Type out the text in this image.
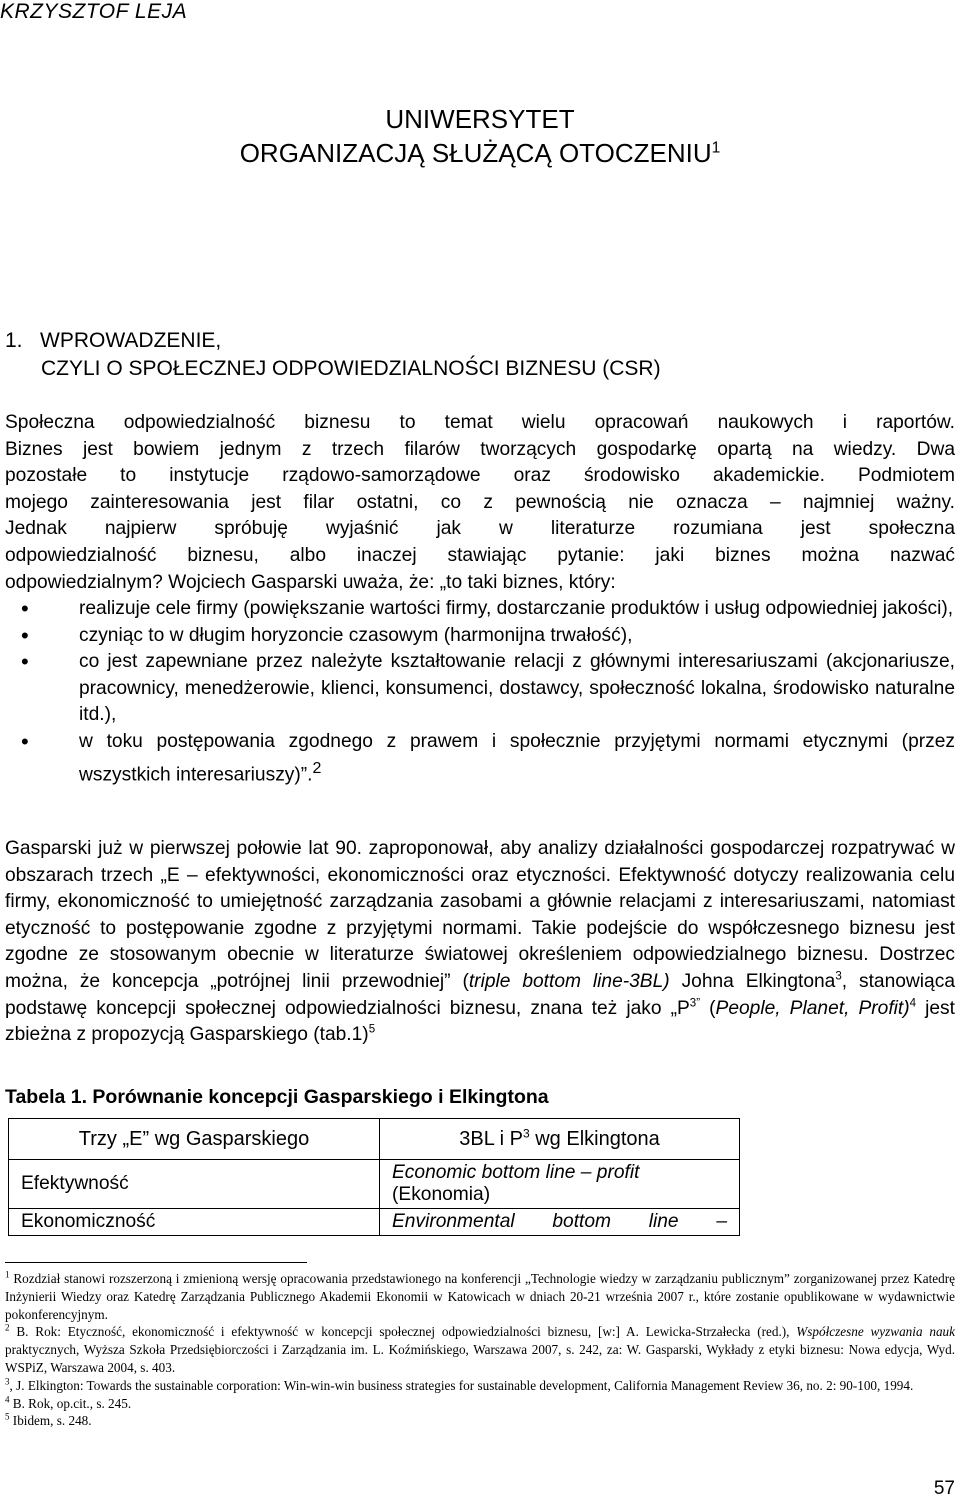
KRZYSZTOF LEJA
UNIWERSYTET
ORGANIZACJĄ SŁUŻĄCĄ OTOCZENIU$^1$
1. WPROWADZENIE,
CZYLI O SPOŁECZNEJ ODPOWIEDZIALNOŚCI BIZNESU (CSR)
Społeczna odpowiedzialność biznesu to temat wielu opracowań naukowych i raportów.
Biznes jest bowiem jednym z trzech filarów tworzących gospodarkę opartą na wiedzy. Dwa
pozostałe to instytucje rządowo-samorządowe oraz środowisko akademickie. Podmiotem
mojego zainteresowania jest filar ostatni, co z pewnością nie oznacza – najmniej ważny.
Jednak najpierw spróbuję wyjaśnić jak w literaturze rozumiana jest społeczna
odpowiedzialność biznesu, albo inaczej stawiając pytanie: jaki biznes można nazwać
odpowiedzialnym? Wojciech Gasparski uważa, że: „to taki biznes, który:
• realizuje cele firmy (powiększanie wartości firmy, dostarczanie produktów i usług odpowiedniej jakości),
• czyniąc to w długim horyzoncie czasowym (harmonijna trwałość),
• co jest zapewniane przez należyte kształtowanie relacji z głównymi interesariuszami (akcjonariusze, pracownicy, menedżerowie, klienci, konsumenci, dostawcy, społeczność lokalna, środowisko naturalne itd.),
• w toku postępowania zgodnego z prawem i społecznie przyjętymi normami etycznymi (przez wszystkich interesariuszy)”.$^2$
Gasparski już w pierwszej połowie lat 90. zaproponował, aby analizy działalności gospodarczej rozpatrywać w obszarach trzech „E – efektywności, ekonomiczności oraz etyczności. Efektywność dotyczy realizowania celu firmy, ekonomiczność to umiejętność zarządzania zasobami a głównie relacjami z interesariuszami, natomiast etyczność to postępowanie zgodne z przyjętymi normami. Takie podejście do współczesnego biznesu jest zgodne ze stosowanym obecnie w literaturze światowej określeniem odpowiedzialnego biznesu. Dostrzec można, że koncepcja „potrójnej linii przewodniej” (triple bottom line-3BL) Johna Elkingtona$^3$, stanowiąca podstawę koncepcji społecznej odpowiedzialności biznesu, znana też jako $„P^{3”}$ (People, Planet, Profit)$^4$ jest zbieżna z propozycją Gasparskiego $(tab.1)^5$
Tabela 1. Porównanie koncepcji Gasparskiego i Elkingtona
Trzy „E” wg Gasparskiego	3BL i $P^3$ wg Elkingtona
Efektywność	Economic bottom line – profit
(Ekonomia)

Ekonomiczność	Environmental bottom line –

$^1$ Rozdział stanowi rozszerzoną i zmienioną wersję opracowania przedstawionego na konferencji „Technologie wiedzy w zarządzaniu publicznym” zorganizowanej przez Katedrę Inżynierii Wiedzy oraz Katedrę Zarządzania Publicznego Akademii Ekonomii w Katowicach w dniach 20-21 września 2007 r., które zostanie opublikowane w wydawnictwie pokonferencyjnym.

$^2$ B. Rok: Etyczność, ekonomiczność i efektywność w koncepcji społecznej odpowiedzialności biznesu, [w:] A. Lewicka-Strzałecka (red.), Współczesne wyzwania nauk praktycznych, Wyższa Szkoła Przedsiębiorczości i Zarządzania im. L. Koźmińskiego, Warszawa 2007, s. 242, za: W. Gasparski, Wykłady z etyki biznesu: Nowa edycja, Wyd. WSPiZ, Warszawa 2004, s. 403.

$^3$, J. Elkington: Towards the sustainable corporation: Win-win-win business strategies for sustainable development, California Management Review 36, no. 2: 90-100, 1994.

$^4$ B. Rok, op.cit., s. 245.

$^5$ Ibidem, s. 248.

57
